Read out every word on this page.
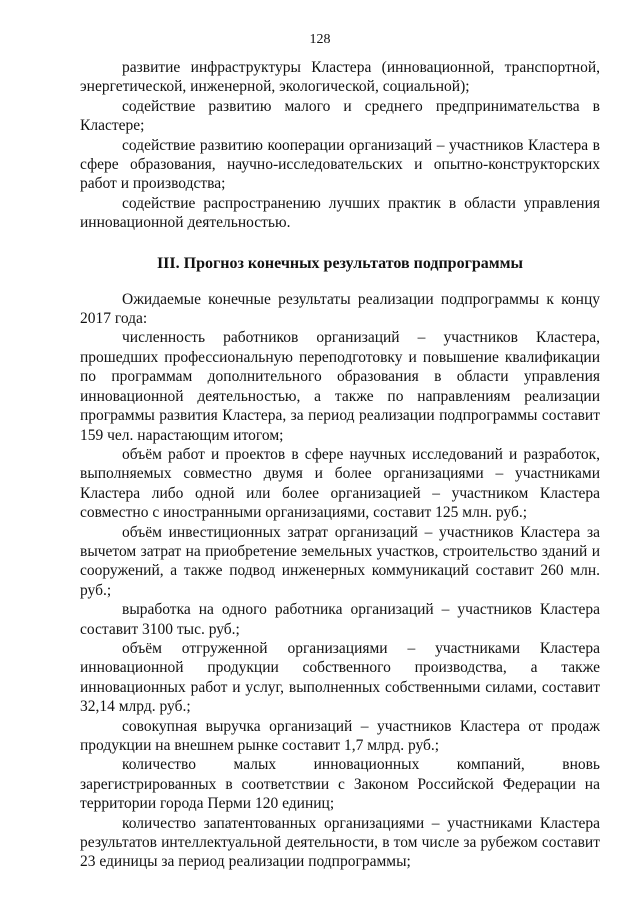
128

развитие инфраструктуры Кластера (инновационной, транспортной, энергетической, инженерной, экологической, социальной);

содействие развитию малого и среднего предпринимательства в Кластере;

содействие развитию кооперации организаций – участников Кластера в сфере образования, научно-исследовательских и опытно-конструкторских работ и производства;

содействие распространению лучших практик в области управления инновационной деятельностью.

III. Прогноз конечных результатов подпрограммы

Ожидаемые конечные результаты реализации подпрограммы к концу 2017 года:

численность работников организаций – участников Кластера, прошедших профессиональную переподготовку и повышение квалификации по программам дополнительного образования в области управления инновационной деятельностью, а также по направлениям реализации программы развития Кластера, за период реализации подпрограммы составит 159 чел. нарастающим итогом;

объём работ и проектов в сфере научных исследований и разработок, выполняемых совместно двумя и более организациями – участниками Кластера либо одной или более организацией – участником Кластера совместно с иностранными организациями, составит 125 млн. руб.;

объём инвестиционных затрат организаций – участников Кластера за вычетом затрат на приобретение земельных участков, строительство зданий и сооружений, а также подвод инженерных коммуникаций составит 260 млн. руб.;

выработка на одного работника организаций – участников Кластера составит 3100 тыс. руб.;

объём отгруженной организациями – участниками Кластера инновационной продукции собственного производства, а также инновационных работ и услуг, выполненных собственными силами, составит 32,14 млрд. руб.;

совокупная выручка организаций – участников Кластера от продаж продукции на внешнем рынке составит 1,7 млрд. руб.;

количество малых инновационных компаний, вновь зарегистрированных в соответствии с Законом Российской Федерации на территории города Перми 120 единиц;

количество запатентованных организациями – участниками Кластера результатов интеллектуальной деятельности, в том числе за рубежом составит 23 единицы за период реализации подпрограммы;
